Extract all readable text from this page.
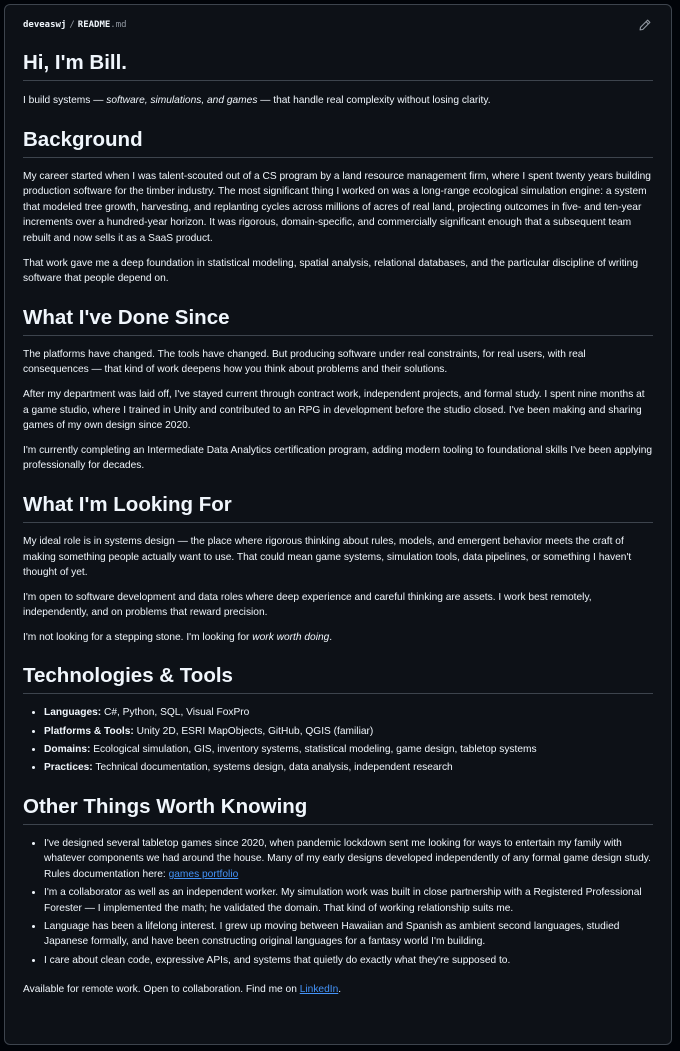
deveaswj / README.md
Hi, I'm Bill.

I build systems — software, simulations, and games — that handle real complexity without losing clarity.

Background

My career started when I was talent-scouted out of a CS program by a land resource management firm, where I spent twenty years building production software for the timber industry. The most significant thing I worked on was a long-range ecological simulation engine: a system that modeled tree growth, harvesting, and replanting cycles across millions of acres of real land, projecting outcomes in five- and ten-year increments over a hundred-year horizon. It was rigorous, domain-specific, and commercially significant enough that a subsequent team rebuilt and now sells it as a SaaS product.

That work gave me a deep foundation in statistical modeling, spatial analysis, relational databases, and the particular discipline of writing software that people depend on.

What I've Done Since

The platforms have changed. The tools have changed. But producing software under real constraints, for real users, with real consequences — that kind of work deepens how you think about problems and their solutions.

After my department was laid off, I've stayed current through contract work, independent projects, and formal study. I spent nine months at a game studio, where I trained in Unity and contributed to an RPG in development before the studio closed. I've been making and sharing games of my own design since 2020.

I'm currently completing an Intermediate Data Analytics certification program, adding modern tooling to foundational skills I've been applying professionally for decades.

What I'm Looking For

My ideal role is in systems design — the place where rigorous thinking about rules, models, and emergent behavior meets the craft of making something people actually want to use. That could mean game systems, simulation tools, data pipelines, or something I haven't thought of yet.

I'm open to software development and data roles where deep experience and careful thinking are assets. I work best remotely, independently, and on problems that reward precision.

I'm not looking for a stepping stone. I'm looking for work worth doing.

Technologies & Tools
• Languages: C#, Python, SQL, Visual FoxPro
• Platforms & Tools: Unity 2D, ESRI MapObjects, GitHub, QGIS (familiar)
• Domains: Ecological simulation, GIS, inventory systems, statistical modeling, game design, tabletop systems
• Practices: Technical documentation, systems design, data analysis, independent research
Other Things Worth Knowing
• I've designed several tabletop games since 2020, when pandemic lockdown sent me looking for ways to entertain my family with whatever components we had around the house. Many of my early designs developed independently of any formal game design study. Rules documentation here: games portfolio
• I'm a collaborator as well as an independent worker. My simulation work was built in close partnership with a Registered Professional Forester — I implemented the math; he validated the domain. That kind of working relationship suits me.
• Language has been a lifelong interest. I grew up moving between Hawaiian and Spanish as ambient second languages, studied Japanese formally, and have been constructing original languages for a fantasy world I'm building.
• I care about clean code, expressive APIs, and systems that quietly do exactly what they're supposed to.

Available for remote work. Open to collaboration. Find me on LinkedIn.
